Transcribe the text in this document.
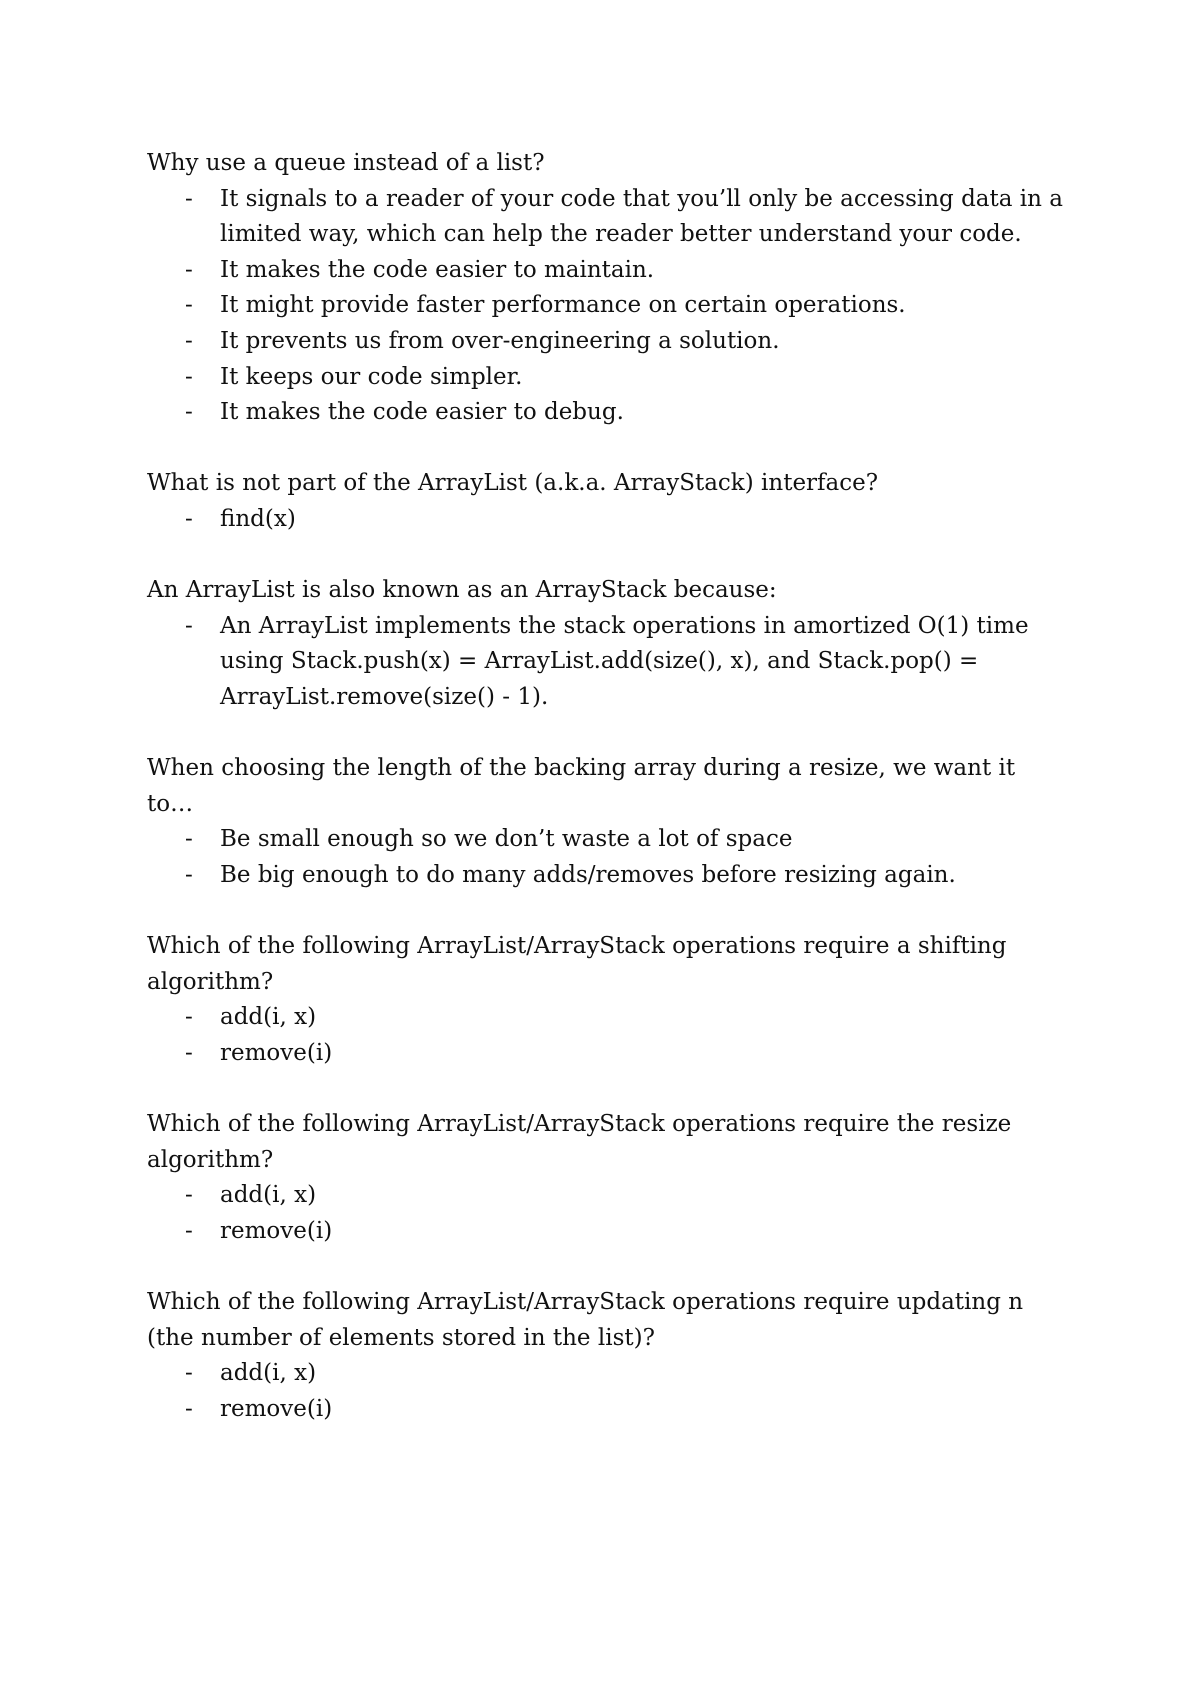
Why use a queue instead of a list?

- It signals to a reader of your code that you’ll only be accessing data in a limited way, which can help the reader better understand your code.
- It makes the code easier to maintain.
- It might provide faster performance on certain operations.
- It prevents us from over-engineering a solution.
- It keeps our code simpler.
- It makes the code easier to debug.

What is not part of the ArrayList (a.k.a. ArrayStack) interface?

- find(x)

An ArrayList is also known as an ArrayStack because:

- An ArrayList implements the stack operations in amortized O(1) time using Stack.push(x) = ArrayList.add(size(), x), and Stack.pop() = ArrayList.remove(size() - 1).

When choosing the length of the backing array during a resize, we want it to…

- Be small enough so we don’t waste a lot of space
- Be big enough to do many adds/removes before resizing again.

Which of the following ArrayList/ArrayStack operations require a shifting algorithm?

- add(i, x)
- remove(i)

Which of the following ArrayList/ArrayStack operations require the resize algorithm?

- add(i, x)
- remove(i)

Which of the following ArrayList/ArrayStack operations require updating n (the number of elements stored in the list)?

- add(i, x)
- remove(i)
